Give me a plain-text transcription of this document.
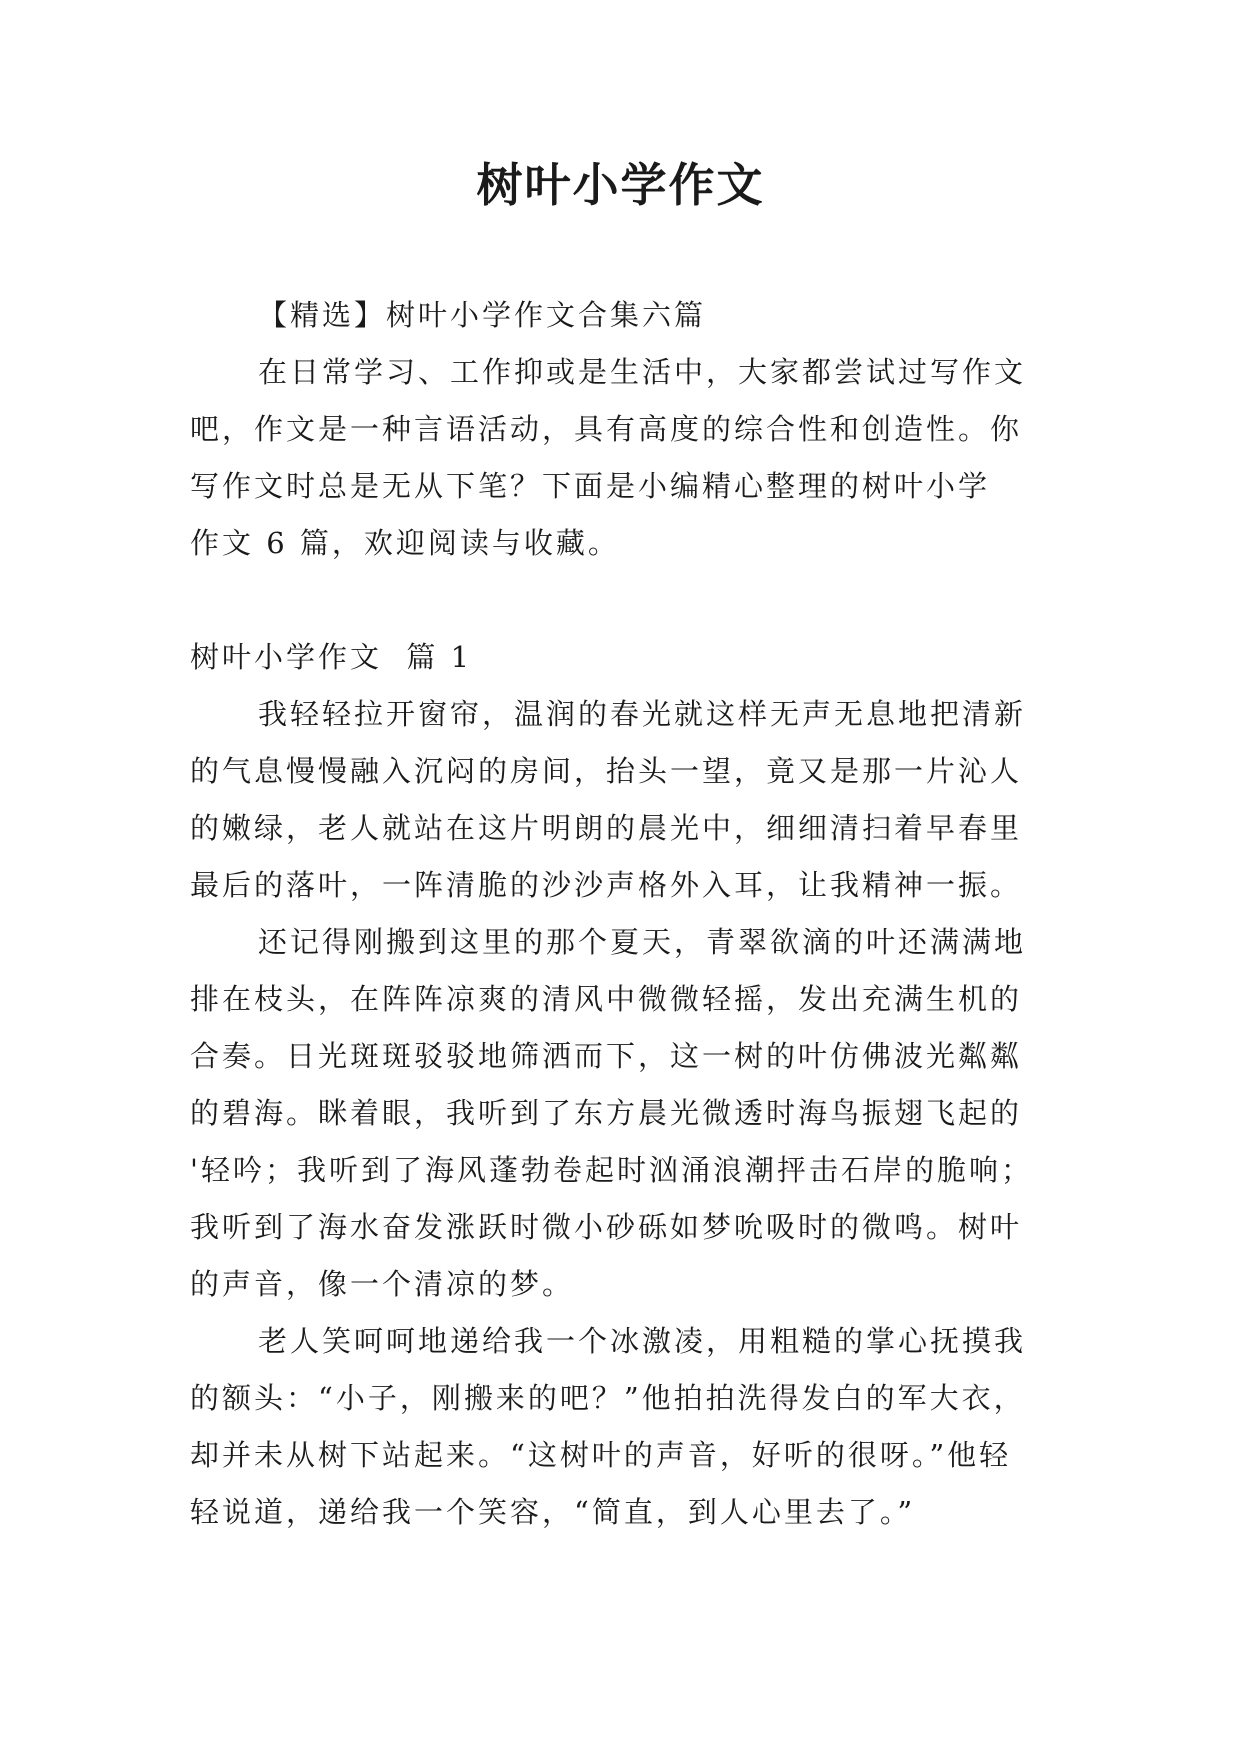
树叶小学作文

【精选】树叶小学作文合集六篇

在日常学习、工作抑或是生活中，大家都尝试过写作文

吧，作文是一种言语活动，具有高度的综合性和创造性。你

写作文时总是无从下笔？下面是小编精心整理的树叶小学

作文 6 篇，欢迎阅读与收藏。

树叶小学作文  篇 1

我轻轻拉开窗帘，温润的春光就这样无声无息地把清新

的气息慢慢融入沉闷的房间，抬头一望，竟又是那一片沁人

的嫩绿，老人就站在这片明朗的晨光中，细细清扫着早春里

最后的落叶，一阵清脆的沙沙声格外入耳，让我精神一振。

还记得刚搬到这里的那个夏天，青翠欲滴的叶还满满地

排在枝头，在阵阵凉爽的清风中微微轻摇，发出充满生机的

合奏。日光斑斑驳驳地筛洒而下，这一树的叶仿佛波光粼粼

的碧海。眯着眼，我听到了东方晨光微透时海鸟振翅飞起的

'轻吟；我听到了海风蓬勃卷起时汹涌浪潮抨击石岸的脆响；

我听到了海水奋发涨跃时微小砂砾如梦吮吸时的微鸣。树叶

的声音，像一个清凉的梦。

老人笑呵呵地递给我一个冰激凌，用粗糙的掌心抚摸我

的额头：“小子，刚搬来的吧？”他拍拍洗得发白的军大衣，

却并未从树下站起来。“这树叶的声音，好听的很呀。”他轻

轻说道，递给我一个笑容，“简直，到人心里去了。”
